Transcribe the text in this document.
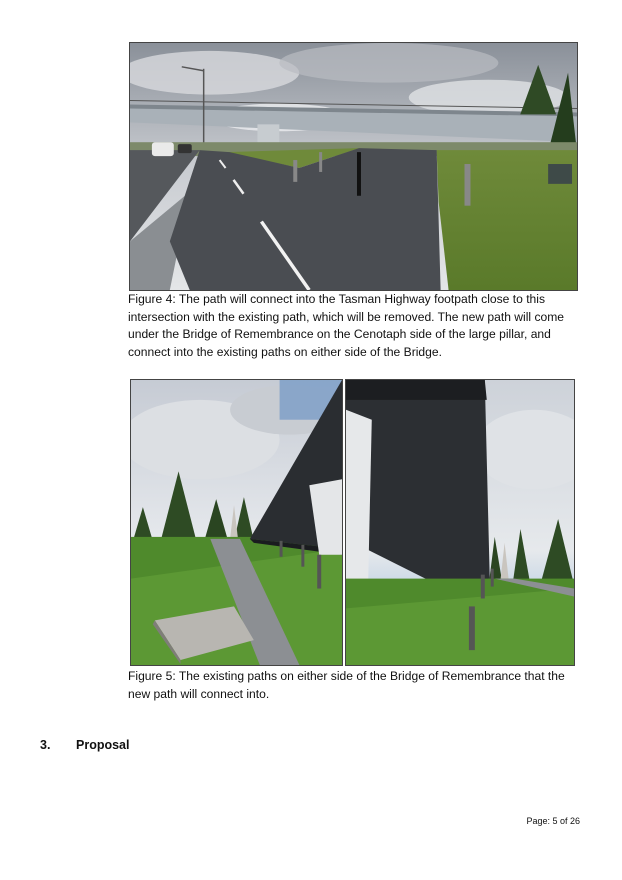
Figure 4: The path will connect into the Tasman Highway footpath close to this intersection with the existing path, which will be removed. The new path will come under the Bridge of Remembrance on the Cenotaph side of the large pillar, and connect into the existing paths on either side of the Bridge.

Figure 5: The existing paths on either side of the Bridge of Remembrance that the new path will connect into.

3.	Proposal
Page: 5 of 26
